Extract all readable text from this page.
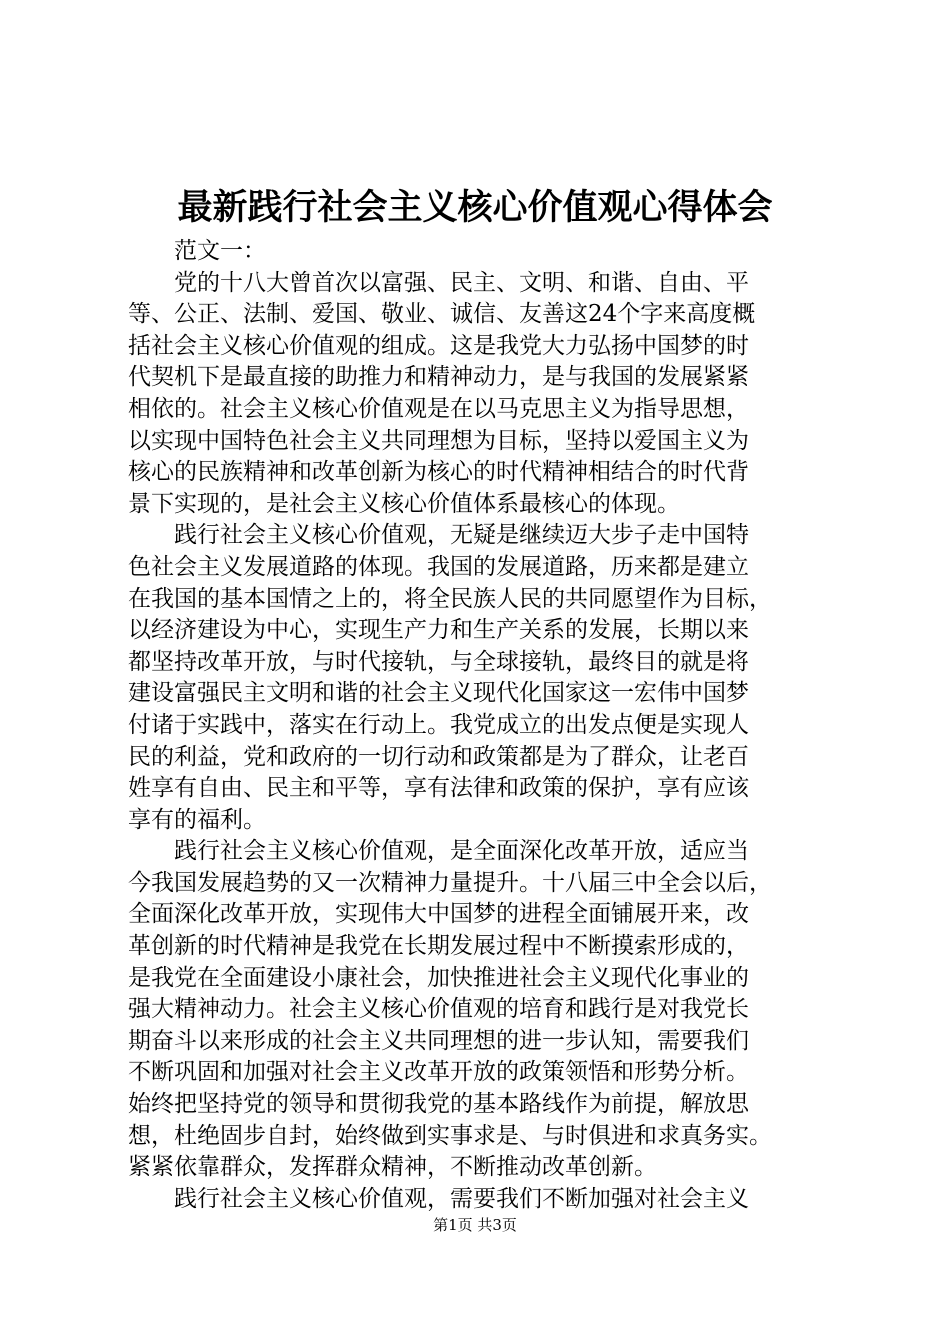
最新践行社会主义核心价值观心得体会
范文一：
党的十八大曾首次以富强、民主、文明、和谐、自由、平
等、公正、法制、爱国、敬业、诚信、友善这24个字来高度概
括社会主义核心价值观的组成。这是我党大力弘扬中国梦的时
代契机下是最直接的助推力和精神动力，是与我国的发展紧紧
相依的。社会主义核心价值观是在以马克思主义为指导思想，
以实现中国特色社会主义共同理想为目标，坚持以爱国主义为
核心的民族精神和改革创新为核心的时代精神相结合的时代背
景下实现的，是社会主义核心价值体系最核心的体现。
践行社会主义核心价值观，无疑是继续迈大步子走中国特
色社会主义发展道路的体现。我国的发展道路，历来都是建立
在我国的基本国情之上的，将全民族人民的共同愿望作为目标，
以经济建设为中心，实现生产力和生产关系的发展，长期以来
都坚持改革开放，与时代接轨，与全球接轨，最终目的就是将
建设富强民主文明和谐的社会主义现代化国家这一宏伟中国梦
付诸于实践中，落实在行动上。我党成立的出发点便是实现人
民的利益，党和政府的一切行动和政策都是为了群众，让老百
姓享有自由、民主和平等，享有法律和政策的保护，享有应该
享有的福利。
践行社会主义核心价值观，是全面深化改革开放，适应当
今我国发展趋势的又一次精神力量提升。十八届三中全会以后，
全面深化改革开放，实现伟大中国梦的进程全面铺展开来，改
革创新的时代精神是我党在长期发展过程中不断摸索形成的，
是我党在全面建设小康社会，加快推进社会主义现代化事业的
强大精神动力。社会主义核心价值观的培育和践行是对我党长
期奋斗以来形成的社会主义共同理想的进一步认知，需要我们
不断巩固和加强对社会主义改革开放的政策领悟和形势分析。
始终把坚持党的领导和贯彻我党的基本路线作为前提，解放思
想，杜绝固步自封，始终做到实事求是、与时俱进和求真务实。
紧紧依靠群众，发挥群众精神，不断推动改革创新。
践行社会主义核心价值观，需要我们不断加强对社会主义
第1页 共3页
